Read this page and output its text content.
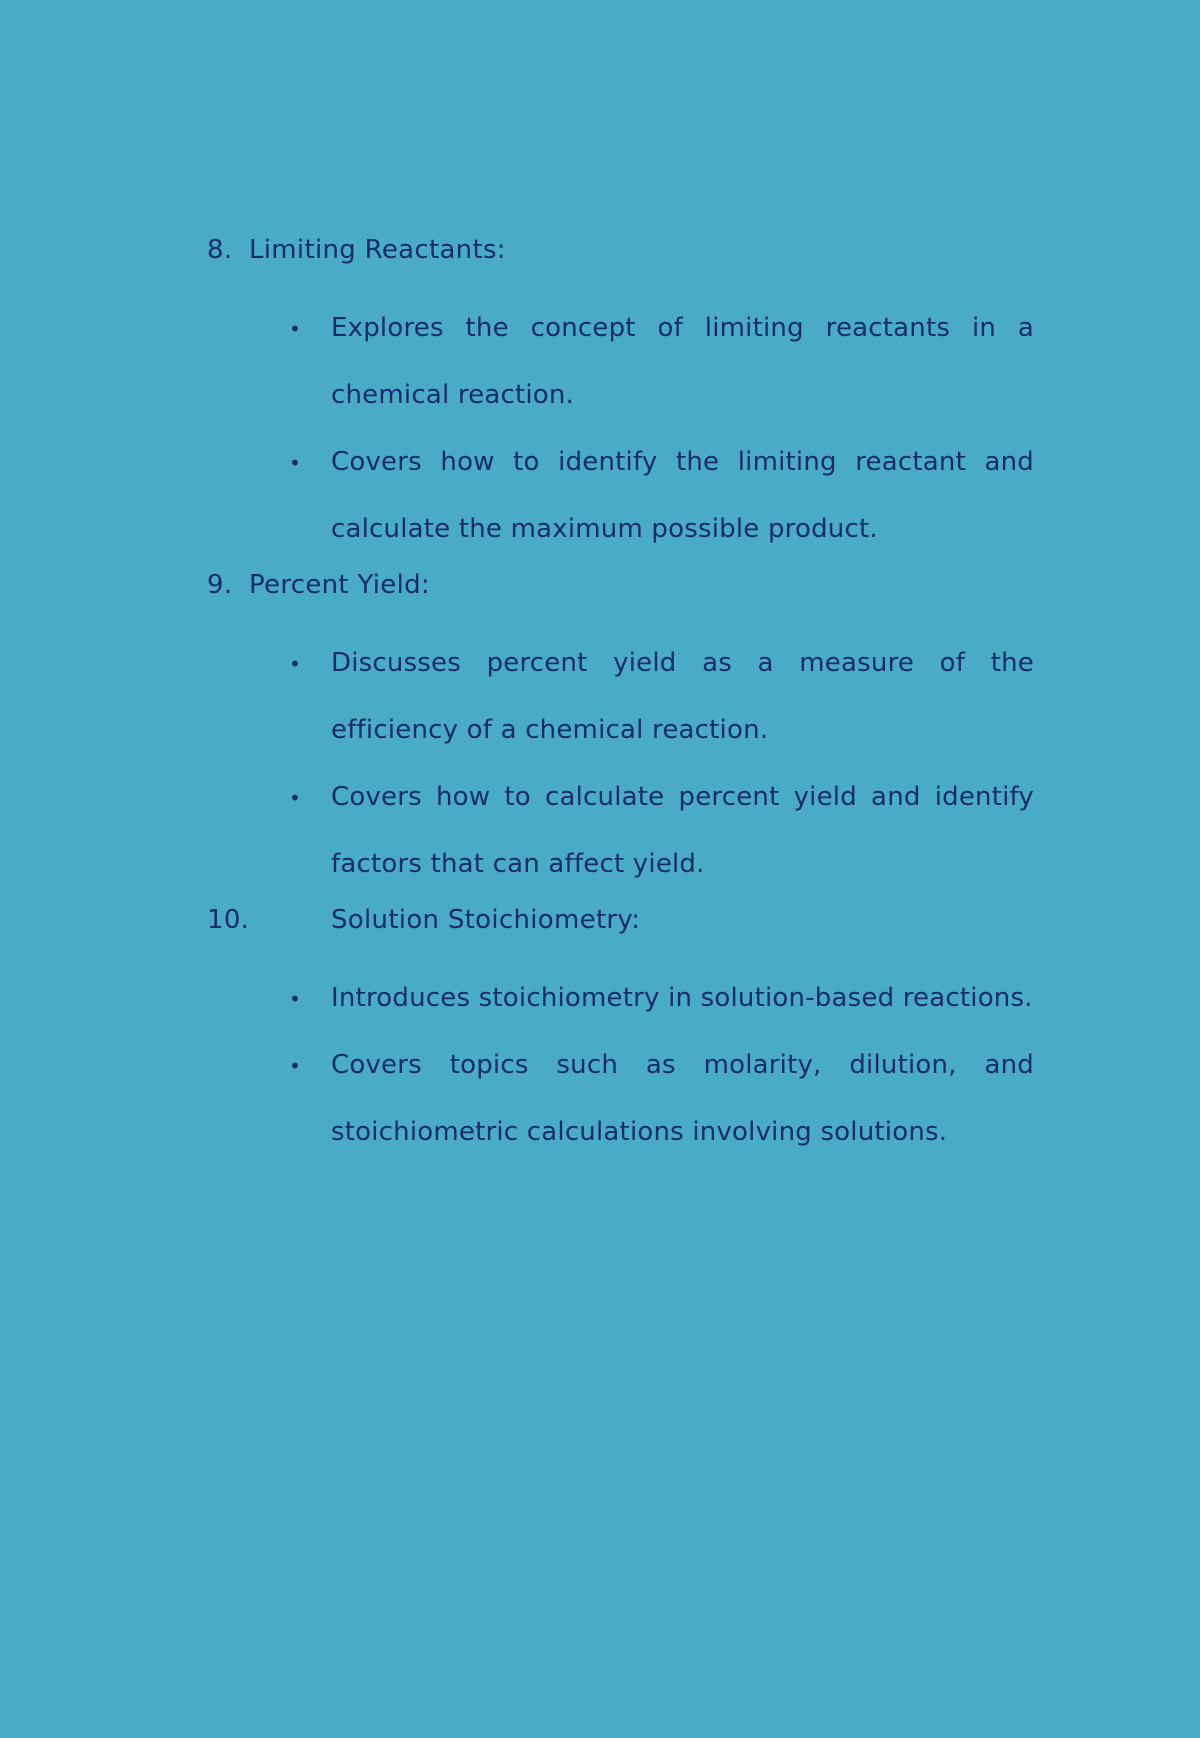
8. Limiting Reactants:
•
Explores the concept of limiting reactants in a chemical reaction.
•
Covers how to identify the limiting reactant and calculate the maximum possible product.
9. Percent Yield:
•
Discusses percent yield as a measure of the efficiency of a chemical reaction.
•
Covers how to calculate percent yield and identify factors that can affect yield.
10.	Solution Stoichiometry:
•
Introduces stoichiometry in solution-based reactions.
•
Covers topics such as molarity, dilution, and stoichiometric calculations involving solutions.
